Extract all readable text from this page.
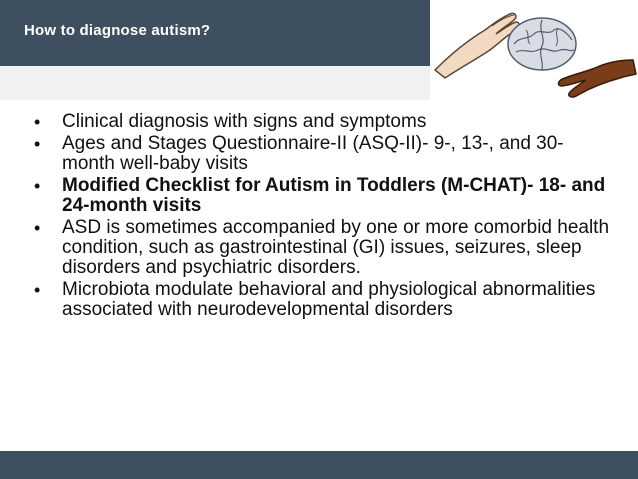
How to diagnose autism?
• Clinical diagnosis with signs and symptoms
• Ages and Stages Questionnaire-II (ASQ-II)- 9-, 13-, and 30-month well-baby visits
• Modified Checklist for Autism in Toddlers (M-CHAT)- 18- and 24-month visits
• ASD is sometimes accompanied by one or more comorbid health condition, such as gastrointestinal (GI) issues, seizures, sleep disorders and psychiatric disorders.
• Microbiota modulate behavioral and physiological abnormalities associated with neurodevelopmental disorders
